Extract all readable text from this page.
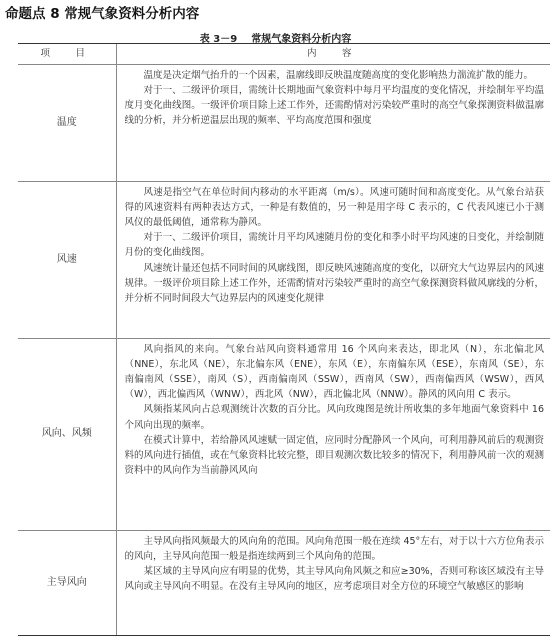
命题点 8 常规气象资料分析内容
表 3－9 常规气象资料分析内容
项　目	内　容
温度	温度是决定烟气抬升的一个因素，温廓线即反映温度随高度的变化影响热力湍流扩散的能力。

对于一、二级评价项目，需统计长期地面气象资料中每月平均温度的变化情况，并绘制年平均温度月变化曲线图。一级评价项目除上述工作外，还需酌情对污染较严重时的高空气象探测资料做温廓线的分析，并分析逆温层出现的频率、平均高度范围和强度

风速	风速是指空气在单位时间内移动的水平距离（m/s）。风速可随时间和高度变化。从气象台站获得的风速资料有两种表达方式，一种是有数值的，另一种是用字母 C 表示的，C 代表风速已小于测风仪的最低阈值，通常称为静风。

对于一、二级评价项目，需统计月平均风速随月份的变化和季小时平均风速的日变化，并绘制随月份的变化曲线图。

风速统计量还包括不同时间的风廓线图，即反映风速随高度的变化，以研究大气边界层内的风速规律。一级评价项目除上述工作外，还需酌情对污染较严重时的高空气象探测资料做风廓线的分析，并分析不同时间段大气边界层内的风速变化规律

风向、风频	风向指风的来向。气象台站风向资料通常用 16 个风向来表达，即北风（N），东北偏北风（NNE），东北风（NE），东北偏东风（ENE），东风（E），东南偏东风（ESE），东南风（SE），东南偏南风（SSE），南风（S），西南偏南风（SSW），西南风（SW），西南偏西风（WSW），西风（W），西北偏西风（WNW），西北风（NW），西北偏北风（NNW）。静风的风向用 C 表示。

风频指某风向占总观测统计次数的百分比。风向玫瑰图是统计所收集的多年地面气象资料中 16 个风向出现的频率。

在模式计算中，若给静风风速赋一固定值，应同时分配静风一个风向，可利用静风前后的观测资料的风向进行插值，或在气象资料比较完整，即目观测次数比较多的情况下，利用静风前一次的观测资料中的风向作为当前静风风向

主导风向	主导风向指风频最大的风向角的范围。风向角范围一般在连续 45°左右，对于以十六方位角表示的风向，主导风向范围一般是指连续两到三个风向角的范围。

某区域的主导风向应有明显的优势，其主导风向角风频之和应≥30%，否则可称该区域没有主导风向或主导风向不明显。在没有主导风向的地区，应考虑项目对全方位的环境空气敏感区的影响
